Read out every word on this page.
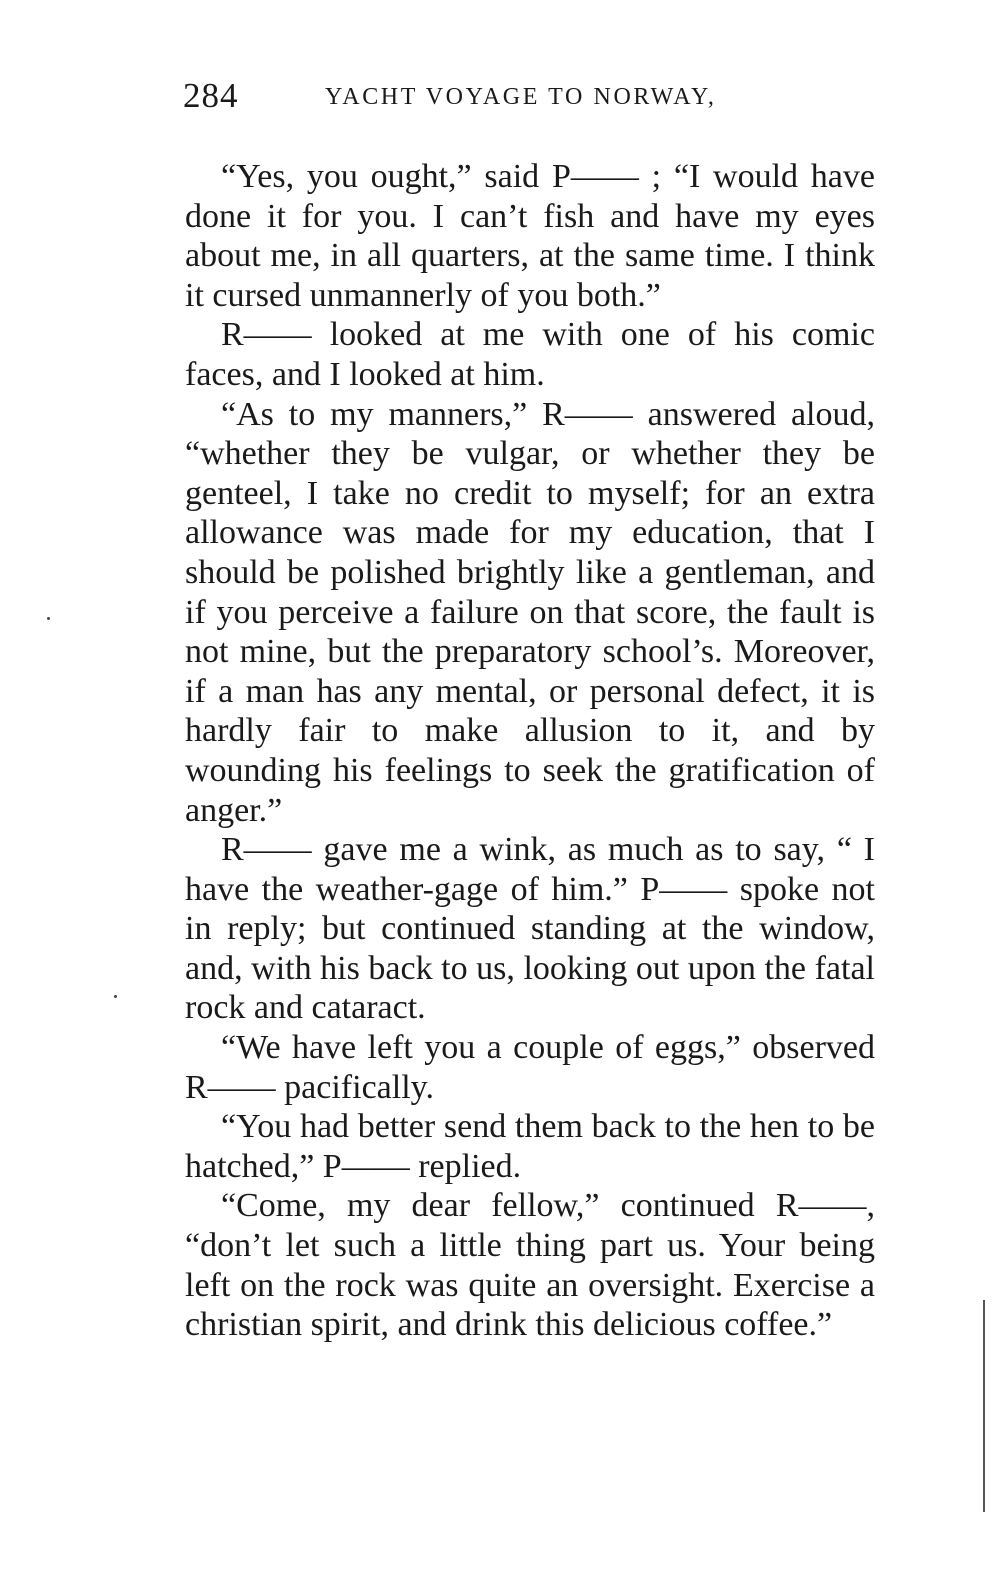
284	YACHT VOYAGE TO NORWAY,

“Yes, you ought,” said P—— ; “I would have done it for you. I can’t fish and have my eyes about me, in all quarters, at the same time. I think it cursed unmannerly of you both.”

R—— looked at me with one of his comic faces, and I looked at him.

“As to my manners,” R—— answered aloud, “whether they be vulgar, or whether they be genteel, I take no credit to myself; for an extra allowance was made for my education, that I should be polished brightly like a gentleman, and if you perceive a failure on that score, the fault is not mine, but the preparatory school’s. Moreover, if a man has any mental, or personal defect, it is hardly fair to make allusion to it, and by wounding his feelings to seek the gratification of anger.”

R—— gave me a wink, as much as to say, “ I have the weather-gage of him.” P—— spoke not in reply; but continued standing at the window, and, with his back to us, looking out upon the fatal rock and cataract.

“We have left you a couple of eggs,” observed R—— pacifically.

“You had better send them back to the hen to be hatched,” P—— replied.

“Come, my dear fellow,” continued R——, “don’t let such a little thing part us. Your being left on the rock was quite an oversight. Exercise a christian spirit, and drink this delicious coffee.”
